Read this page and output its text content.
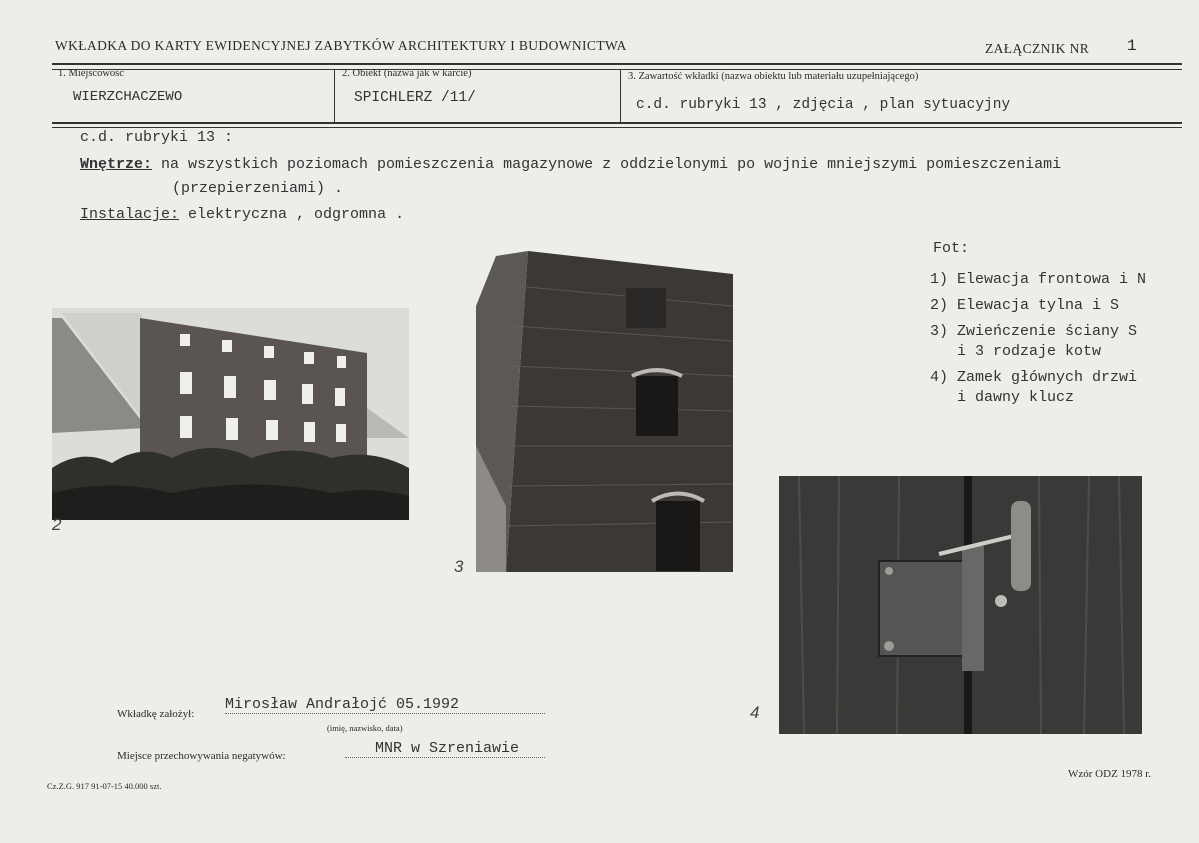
WKŁADKA DO KARTY EWIDENCYJNEJ ZABYTKÓW ARCHITEKTURY I BUDOWNICTWA	ZAŁĄCZNIK NR 1
1. Miejscowość
WIERZCHACZEWO
2. Obiekt (nazwa jak w karcie)
SPICHLERZ /11/
3. Zawartość wkładki (nazwa obiektu lub materiału uzupełniającego)
c.d. rubryki 13 , zdjęcia , plan sytuacyjny
c.d. rubryki 13 :
Wnętrze: na wszystkich poziomach pomieszczenia magazynowe z oddzielonymi po wojnie mniejszymi pomieszczeniami
(przepierzeniami) .
Instalacje: elektryczna , odgromna .
Fot:
1) Elewacja frontowa i N
2) Elewacja tylna i S
3) Zwieńczenie ściany S
i 3 rodzaje kotw
4) Zamek głównych drzwi
i dawny klucz
2
3
4
Wkładkę założył:
Mirosław Andrałojć 05.1992
(imię, nazwisko, data)
Miejsce przechowywania negatywów:	MNR w Szreniawie
Cz.Z.G. 917 91-07-15 40.000 szt.
Wzór ODZ 1978 r.
